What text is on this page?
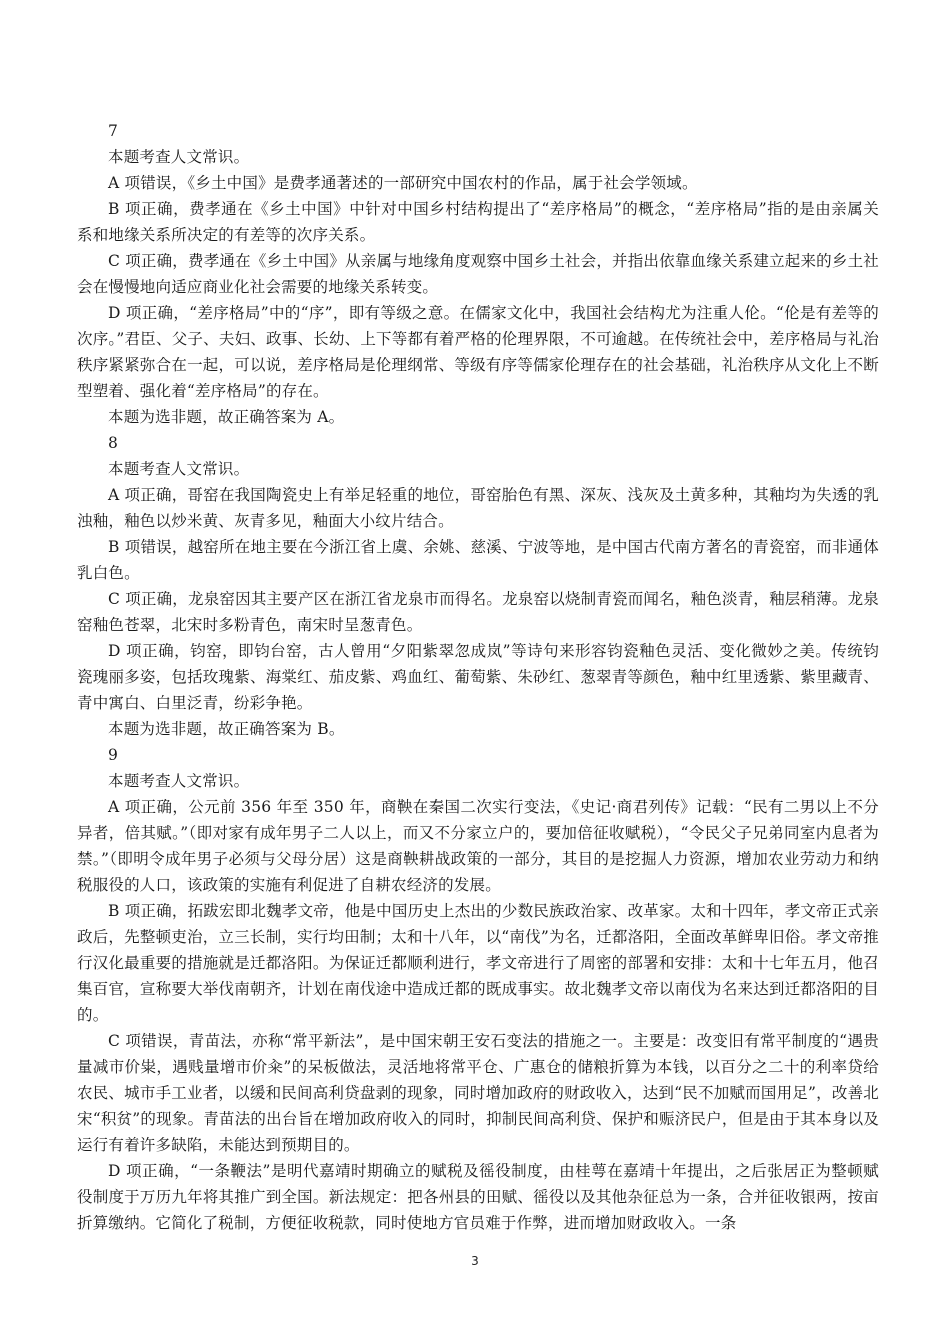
7

本题考查人文常识。

A 项错误，《乡土中国》是费孝通著述的一部研究中国农村的作品，属于社会学领域。

B 项正确，费孝通在《乡土中国》中针对中国乡村结构提出了“差序格局”的概念，“差序格局”指的是由亲属关系和地缘关系所决定的有差等的次序关系。

C 项正确，费孝通在《乡土中国》从亲属与地缘角度观察中国乡土社会，并指出依靠血缘关系建立起来的乡土社会在慢慢地向适应商业化社会需要的地缘关系转变。

D 项正确，“差序格局”中的“序”，即有等级之意。在儒家文化中，我国社会结构尤为注重人伦。“伦是有差等的次序。”君臣、父子、夫妇、政事、长幼、上下等都有着严格的伦理界限，不可逾越。在传统社会中，差序格局与礼治秩序紧紧弥合在一起，可以说，差序格局是伦理纲常、等级有序等儒家伦理存在的社会基础，礼治秩序从文化上不断型塑着、强化着“差序格局”的存在。

本题为选非题，故正确答案为 A。

8

本题考查人文常识。

A 项正确，哥窑在我国陶瓷史上有举足轻重的地位，哥窑胎色有黑、深灰、浅灰及土黄多种，其釉均为失透的乳浊釉，釉色以炒米黄、灰青多见，釉面大小纹片结合。

B 项错误，越窑所在地主要在今浙江省上虞、余姚、慈溪、宁波等地，是中国古代南方著名的青瓷窑，而非通体乳白色。

C 项正确，龙泉窑因其主要产区在浙江省龙泉市而得名。龙泉窑以烧制青瓷而闻名，釉色淡青，釉层稍薄。龙泉窑釉色苍翠，北宋时多粉青色，南宋时呈葱青色。

D 项正确，钧窑，即钧台窑，古人曾用“夕阳紫翠忽成岚”等诗句来形容钧瓷釉色灵活、变化微妙之美。传统钧瓷瑰丽多姿，包括玫瑰紫、海棠红、茄皮紫、鸡血红、葡萄紫、朱砂红、葱翠青等颜色，釉中红里透紫、紫里藏青、青中寓白、白里泛青，纷彩争艳。

本题为选非题，故正确答案为 B。

9

本题考查人文常识。

A 项正确，公元前 356 年至 350 年，商鞅在秦国二次实行变法，《史记·商君列传》记载：“民有二男以上不分异者，倍其赋。”（即对家有成年男子二人以上，而又不分家立户的，要加倍征收赋税），“令民父子兄弟同室内息者为禁。”（即明令成年男子必须与父母分居）这是商鞅耕战政策的一部分，其目的是挖掘人力资源，增加农业劳动力和纳税服役的人口，该政策的实施有利促进了自耕农经济的发展。

B 项正确，拓跋宏即北魏孝文帝，他是中国历史上杰出的少数民族政治家、改革家。太和十四年，孝文帝正式亲政后，先整顿吏治，立三长制，实行均田制；太和十八年，以“南伐”为名，迁都洛阳，全面改革鲜卑旧俗。孝文帝推行汉化最重要的措施就是迁都洛阳。为保证迁都顺利进行，孝文帝进行了周密的部署和安排：太和十七年五月，他召集百官，宣称要大举伐南朝齐，计划在南伐途中造成迁都的既成事实。故北魏孝文帝以南伐为名来达到迁都洛阳的目的。

C 项错误，青苗法，亦称“常平新法”，是中国宋朝王安石变法的措施之一。主要是：改变旧有常平制度的“遇贵量减市价粜，遇贱量增市价籴”的呆板做法，灵活地将常平仓、广惠仓的储粮折算为本钱，以百分之二十的利率贷给农民、城市手工业者，以缓和民间高利贷盘剥的现象，同时增加政府的财政收入，达到“民不加赋而国用足”，改善北宋“积贫”的现象。青苗法的出台旨在增加政府收入的同时，抑制民间高利贷、保护和赈济民户，但是由于其本身以及运行有着许多缺陷，未能达到预期目的。

D 项正确，“一条鞭法”是明代嘉靖时期确立的赋税及徭役制度，由桂萼在嘉靖十年提出，之后张居正为整顿赋役制度于万历九年将其推广到全国。新法规定：把各州县的田赋、徭役以及其他杂征总为一条，合并征收银两，按亩折算缴纳。它简化了税制，方便征收税款，同时使地方官员难于作弊，进而增加财政收入。一条

3
